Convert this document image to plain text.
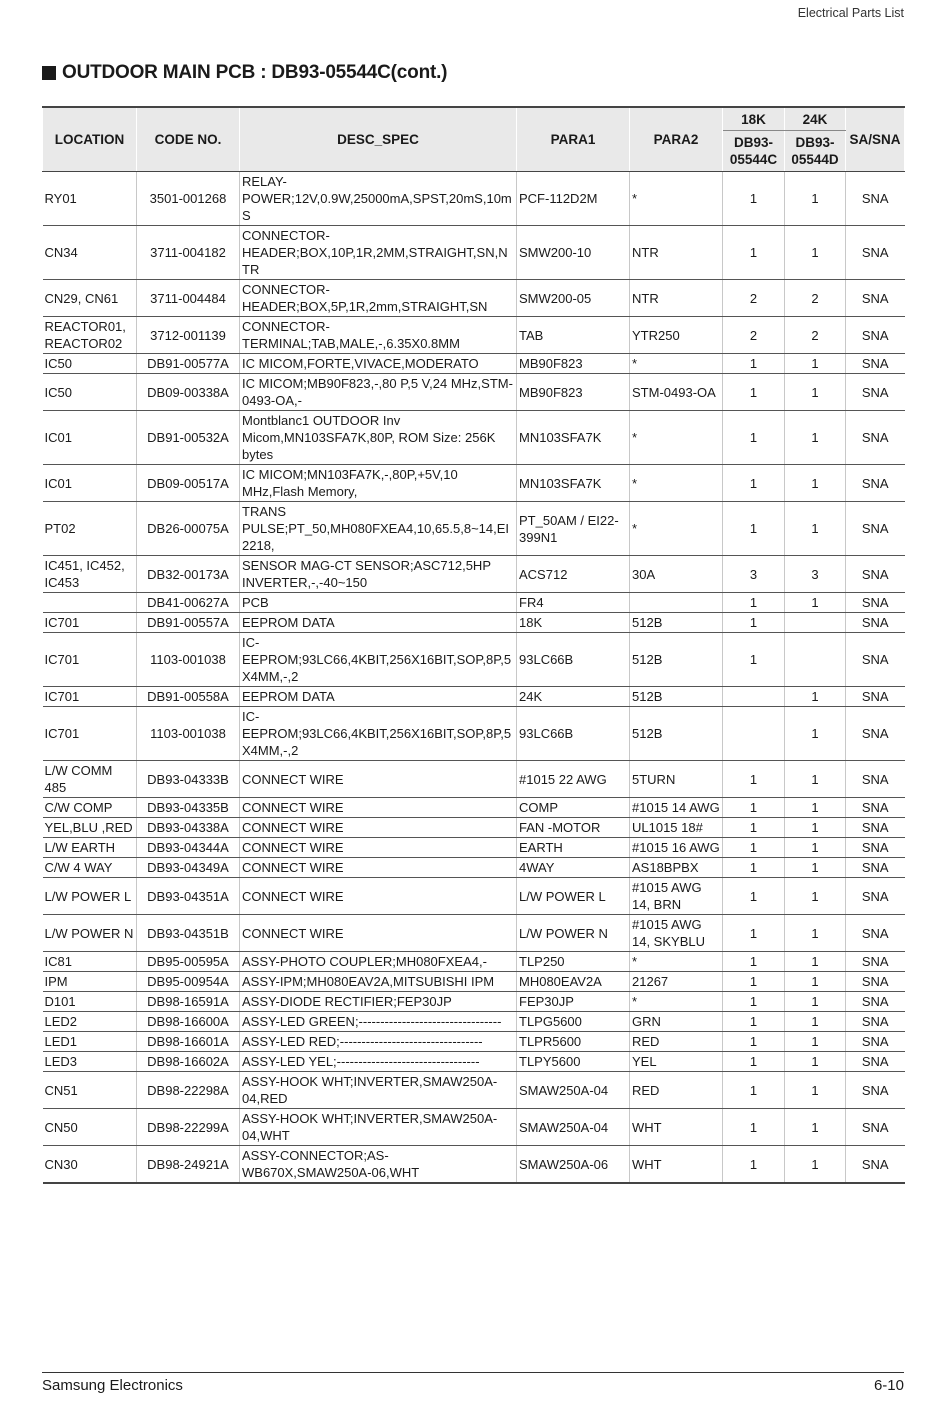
Electrical Parts List
OUTDOOR MAIN PCB : DB93-05544C(cont.)
LOCATION	CODE NO.	DESC_SPEC	PARA1	PARA2	18K	24K	SA/SNA
					DB93-05544C	DB93-05544D	
RY01	3501-001268	RELAY-POWER;12V,0.9W,25000mA,SPST,20mS,10mS	PCF-112D2M	*	1	1	SNA
CN34	3711-004182	CONNECTOR-HEADER;BOX,10P,1R,2MM,STRAIGHT,SN,NTR	SMW200-10	NTR	1	1	SNA
CN29, CN61	3711-004484	CONNECTOR-HEADER;BOX,5P,1R,2mm,STRAIGHT,SN	SMW200-05	NTR	2	2	SNA
REACTOR01, REACTOR02	3712-001139	CONNECTOR-TERMINAL;TAB,MALE,-,6.35X0.8MM	TAB	YTR250	2	2	SNA
IC50	DB91-00577A	IC MICOM,FORTE,VIVACE,MODERATO	MB90F823	*	1	1	SNA
IC50	DB09-00338A	IC MICOM;MB90F823,-,80 P,5 V,24 MHz,STM-0493-OA,-	MB90F823	STM-0493-OA	1	1	SNA
IC01	DB91-00532A	Montblanc1 OUTDOOR Inv Micom,MN103SFA7K,80P, ROM Size: 256K bytes	MN103SFA7K	*	1	1	SNA
IC01	DB09-00517A	IC MICOM;MN103FA7K,-,80P,+5V,10 MHz,Flash Memory,	MN103SFA7K	*	1	1	SNA
PT02	DB26-00075A	TRANS PULSE;PT_50,MH080FXEA4,10,65.5,8~14,EI2218,	PT_50AM / EI22-399N1	*	1	1	SNA
IC451, IC452, IC453	DB32-00173A	SENSOR MAG-CT SENSOR;ASC712,5HP INVERTER,-,-40~150	ACS712	30A	3	3	SNA
	DB41-00627A	PCB	FR4		1	1	SNA
IC701	DB91-00557A	EEPROM DATA	18K	512B	1		SNA
IC701	1103-001038	IC-EEPROM;93LC66,4KBIT,256X16BIT,SOP,8P,5X4MM,-,2	93LC66B	512B	1		SNA
IC701	DB91-00558A	EEPROM DATA	24K	512B		1	SNA
IC701	1103-001038	IC-EEPROM;93LC66,4KBIT,256X16BIT,SOP,8P,5X4MM,-,2	93LC66B	512B		1	SNA
L/W COMM 485	DB93-04333B	CONNECT WIRE	#1015 22 AWG	5TURN	1	1	SNA
C/W COMP	DB93-04335B	CONNECT WIRE	COMP	#1015 14 AWG	1	1	SNA
YEL,BLU ,RED	DB93-04338A	CONNECT WIRE	FAN -MOTOR	UL1015 18#	1	1	SNA
L/W EARTH	DB93-04344A	CONNECT WIRE	EARTH	#1015 16 AWG	1	1	SNA
C/W 4 WAY	DB93-04349A	CONNECT WIRE	4WAY	AS18BPBX	1	1	SNA
L/W POWER L	DB93-04351A	CONNECT WIRE	L/W POWER L	#1015 AWG 14, BRN	1	1	SNA
L/W POWER N	DB93-04351B	CONNECT WIRE	L/W POWER N	#1015 AWG 14, SKYBLU	1	1	SNA
IC81	DB95-00595A	ASSY-PHOTO COUPLER;MH080FXEA4,-	TLP250	*	1	1	SNA
IPM	DB95-00954A	ASSY-IPM;MH080EAV2A,MITSUBISHI IPM	MH080EAV2A	21267	1	1	SNA
D101	DB98-16591A	ASSY-DIODE RECTIFIER;FEP30JP	FEP30JP	*	1	1	SNA
LED2	DB98-16600A	ASSY-LED GREEN;---------------------------------	TLPG5600	GRN	1	1	SNA
LED1	DB98-16601A	ASSY-LED RED;---------------------------------	TLPR5600	RED	1	1	SNA
LED3	DB98-16602A	ASSY-LED YEL;---------------------------------	TLPY5600	YEL	1	1	SNA
CN51	DB98-22298A	ASSY-HOOK WHT;INVERTER,SMAW250A-04,RED	SMAW250A-04	RED	1	1	SNA
CN50	DB98-22299A	ASSY-HOOK WHT;INVERTER,SMAW250A-04,WHT	SMAW250A-04	WHT	1	1	SNA
CN30	DB98-24921A	ASSY-CONNECTOR;AS-WB670X,SMAW250A-06,WHT	SMAW250A-06	WHT	1	1	SNA
Samsung Electronics	6-10
